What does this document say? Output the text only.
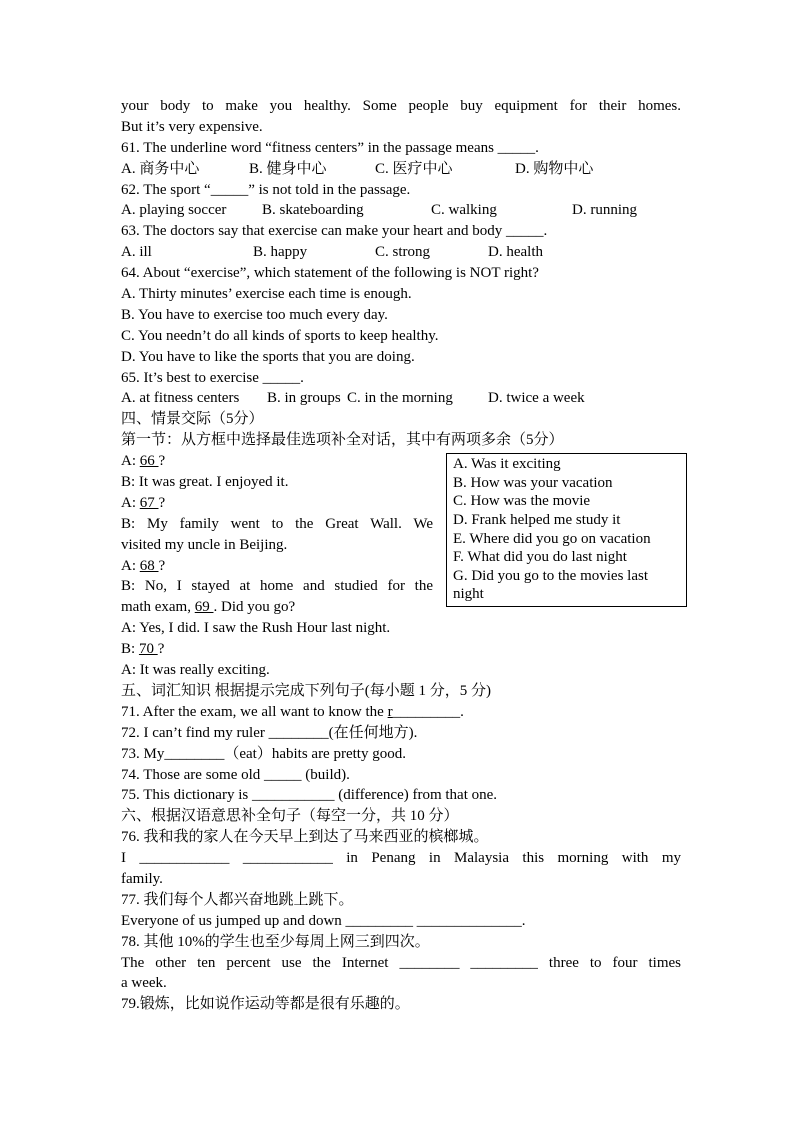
your body to make you healthy. Some people buy equipment for their homes.
But it’s very expensive.
61. The underline word “fitness centers” in the passage means _____.
A. 商务中心	B. 健身中心	C. 医疗中心	D. 购物中心
62. The sport “_____” is not told in the passage.
A. playing soccer B. skateboarding	C. walking	D. running
63. The doctors say that exercise can make your heart and body _____.
A. ill	B. happy	C. strong	D. health
64. About “exercise”, which statement of the following is NOT right?
A. Thirty minutes’ exercise each time is enough.
B. You have to exercise too much every day.
C. You needn’t do all kinds of sports to keep healthy.
D. You have to like the sports that you are doing.
65. It’s best to exercise _____.
A. at fitness centers B. in groups C. in the morning D. twice a week
四、情景交际（5分）
第一节：从方框中选择最佳选项补全对话，其中有两项多余（5分）
A: 66 ?
B: It was great. I enjoyed it.
A: 67 ?
B: My family went to the Great Wall. We
visited my uncle in Beijing.
A: 68 ?
B: No, I stayed at home and studied for the
math exam, 69 . Did you go?
A: Yes, I did. I saw the Rush Hour last night.
B: 70 ?
A: It was really exciting.
A. Was it exciting
B. How was your vacation
C. How was the movie
D. Frank helped me study it
E. Where did you go on vacation
F. What did you do last night
G. Did you go to the movies last night
五、词汇知识 根据提示完成下列句子(每小题 1 分，5 分)
71. After the exam, we all want to know the r_________.
72. I can’t find my ruler ________(在任何地方).
73. My________（eat）habits are pretty good.
74. Those are some old _____ (build).
75. This dictionary is ___________ (difference) from that one.
六、根据汉语意思补全句子（每空一分，共 10 分）
76. 我和我的家人在今天早上到达了马来西亚的槟榔城。
I ____________ ____________ in Penang in Malaysia this morning with my
family.
77. 我们每个人都兴奋地跳上跳下。
Everyone of us jumped up and down _________ ______________.
78. 其他 10%的学生也至少每周上网三到四次。
The other ten percent use the Internet ________ _________ three to four times
a week.
79.锻炼，比如说作运动等都是很有乐趣的。
